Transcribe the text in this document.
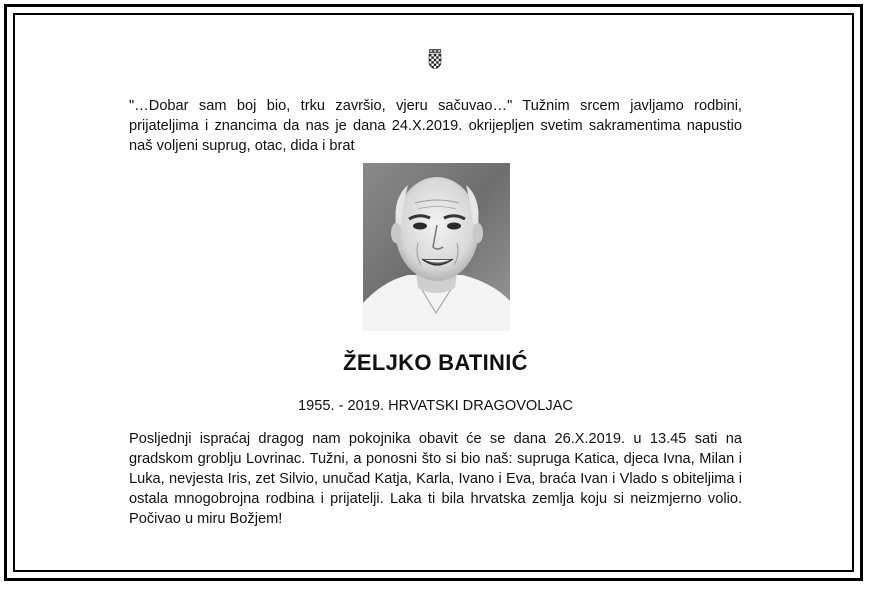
"…Dobar sam boj bio, trku završio, vjeru sačuvao…" Tužnim srcem javljamo rodbini, prijateljima i znancima da nas je dana 24.X.2019. okrijepljen svetim sakramentima napustio naš voljeni suprug, otac, dida i brat
ŽELJKO BATINIĆ
1955. - 2019. HRVATSKI DRAGOVOLJAC
Posljednji ispraćaj dragog nam pokojnika obavit će se dana 26.X.2019. u 13.45 sati na gradskom groblju Lovrinac. Tužni, a ponosni što si bio naš: supruga Katica, djeca Ivna, Milan i Luka, nevjesta Iris, zet Silvio, unučad Katja, Karla, Ivano i Eva, braća Ivan i Vlado s obiteljima i ostala mnogobrojna rodbina i prijatelji. Laka ti bila hrvatska zemlja koju si neizmjerno volio. Počivao u miru Božjem!
